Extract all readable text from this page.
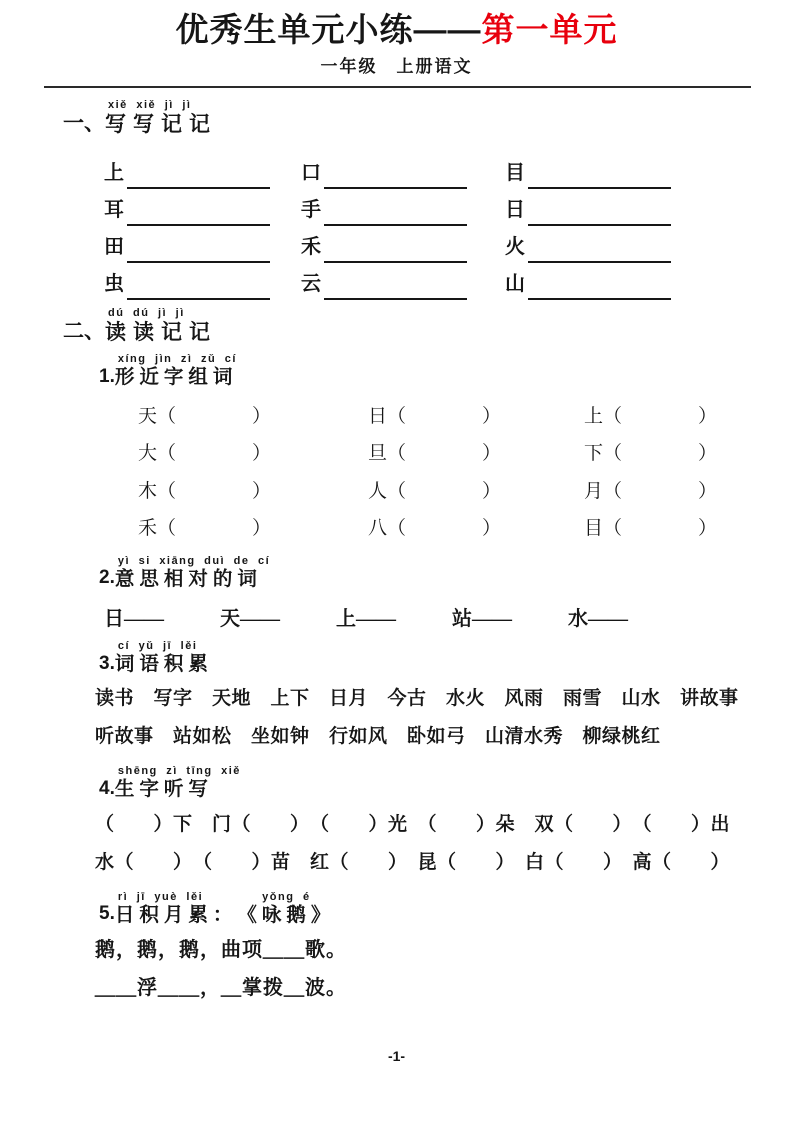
优秀生单元小练——第一单元
一年级　上册语文
一、
xiě xiě jì jì
写写记记
上	口	目
耳	手	日
田	禾	火
虫	云	山
二、
dú dú jì jì
读读记记
1.
xíng jìn zì zǔ cí
形近字组词
天 （　　　　）	日 （　　　　）	上 （　　　　）
大 （　　　　）	旦 （　　　　）	下 （　　　　）
木 （　　　　）	人 （　　　　）	月 （　　　　）
禾 （　　　　）	八 （　　　　）	目 （　　　　）
2.
yì si xiāng duì de cí
意思相对的词
日——	天——	上——	站——	水——
3.
cí yǔ jī lěi
词语积累
读书　写字　天地　上下　日月　今古　水火　风雨　雨雪　山水　讲故事
听故事　站如松　坐如钟　行如风　卧如弓　山清水秀　柳绿桃红
4.
shēng zì tīng xiě
生字听写
（　　）下　门（　　）　（　　）光　（　　）朵　双（　　）　（　　）出
水（　　）　（　　）苗　红（　　）　昆（　　）　白（　　）　高（　　）
5.
rì jī yuè lěi
日积月累：
yǒng é
《咏鹅》
鹅，鹅，鹅，曲项＿＿歌。
＿＿浮＿＿，＿掌拨＿波。
-1-
